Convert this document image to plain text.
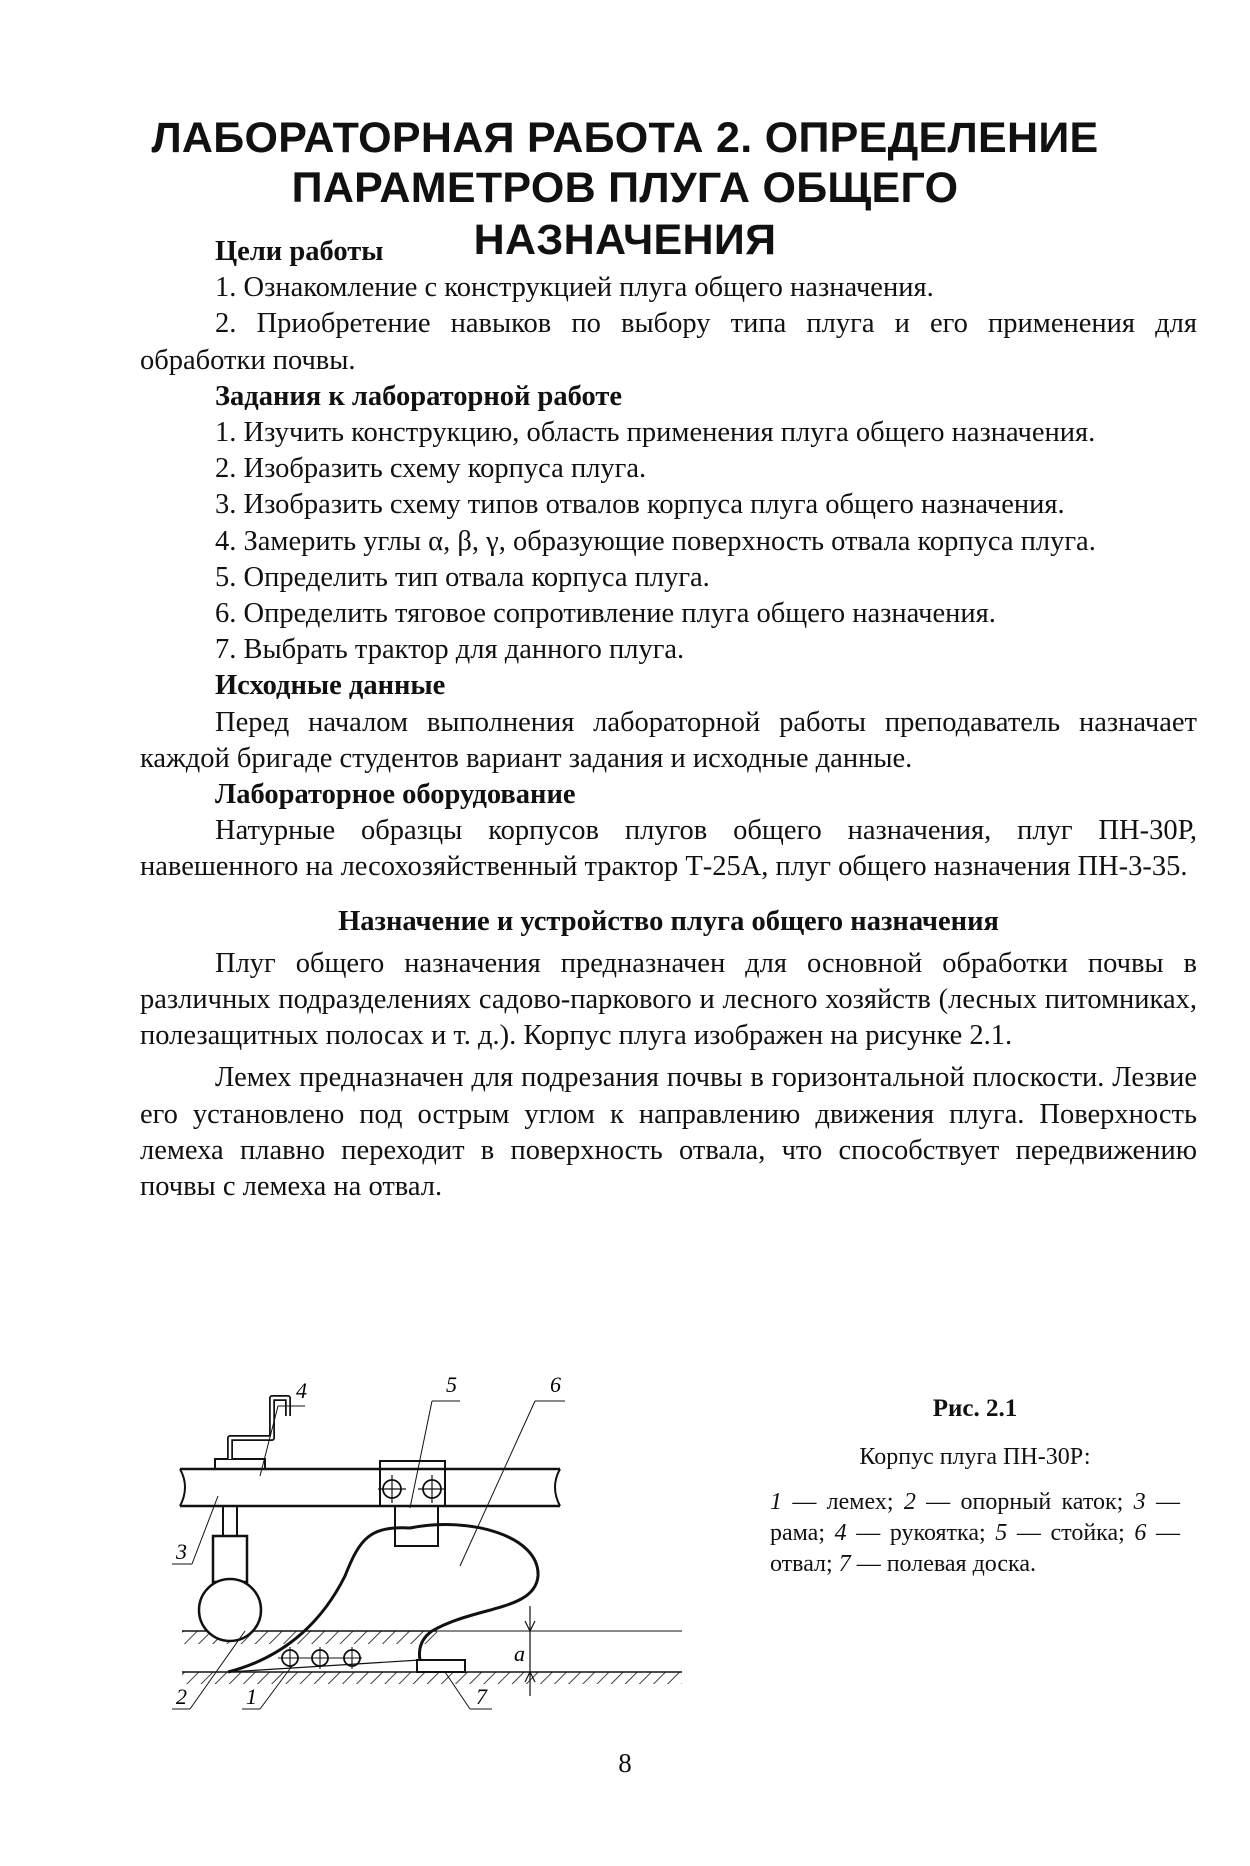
ЛАБОРАТОРНАЯ РАБОТА 2. ОПРЕДЕЛЕНИЕ
ПАРАМЕТРОВ ПЛУГА ОБЩЕГО НАЗНАЧЕНИЯ

Цели работы

1. Ознакомление с конструкцией плуга общего назначения.

2. Приобретение навыков по выбору типа плуга и его применения для обработки почвы.

Задания к лабораторной работе

1. Изучить конструкцию, область применения плуга общего назначения.

2. Изобразить схему корпуса плуга.

3. Изобразить схему типов отвалов корпуса плуга общего назначения.

4. Замерить углы α, β, γ, образующие поверхность отвала корпуса плуга.

5. Определить тип отвала корпуса плуга.

6. Определить тяговое сопротивление плуга общего назначения.

7. Выбрать трактор для данного плуга.

Исходные данные

Перед началом выполнения лабораторной работы преподаватель назначает каждой бригаде студентов вариант задания и исходные данные.

Лабораторное оборудование

Натурные образцы корпусов плугов общего назначения, плуг ПН-30Р, навешенного на лесохозяйственный трактор Т-25А, плуг общего назначения ПН-3-35.

Назначение и устройство плуга общего назначения

Плуг общего назначения предназначен для основной обработки почвы в различных подразделениях садово-паркового и лесного хозяйств (лесных питомниках, полезащитных полосах и т. д.). Корпус плуга изображен на рисунке 2.1.

Лемех предназначен для подрезания почвы в горизонтальной плоскости. Лезвие его установлено под острым углом к направлению движения плуга. Поверхность лемеха плавно переходит в поверхность отвала, что способствует передвижению почвы с лемеха на отвал.

a
4	5	6
3
2	1	7
Рис. 2.1
Корпус плуга ПН-30Р:
1 — лемех; 2 — опорный каток; 3 — рама; 4 — рукоятка; 5 — стойка; 6 — отвал; 7 — полевая доска.
8
